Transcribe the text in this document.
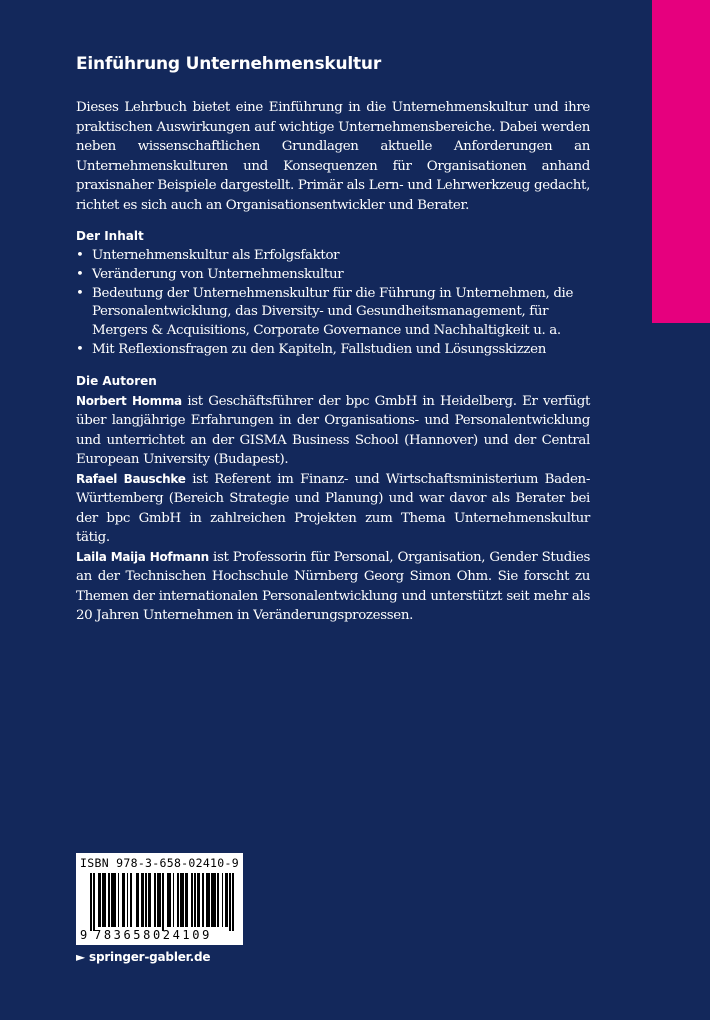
Einführung Unternehmenskultur

Dieses Lehrbuch bietet eine Einführung in die Unternehmenskultur und ihre praktischen Auswirkungen auf wichtige Unternehmensbereiche. Dabei werden neben wissenschaftlichen Grundlagen aktuelle Anforderungen an Unternehmenskulturen und Konsequenzen für Organisationen anhand praxisnaher Beispiele dargestellt. Primär als Lern- und Lehrwerkzeug gedacht, richtet es sich auch an Organisationsentwickler und Berater.

Der Inhalt
• Unternehmenskultur als Erfolgsfaktor
• Veränderung von Unternehmenskultur
• Bedeutung der Unternehmenskultur für die Führung in Unternehmen, die Personalentwicklung, das Diversity- und Gesundheitsmanagement, für Mergers & Acquisitions, Corporate Governance und Nachhaltigkeit u. a.
• Mit Reflexionsfragen zu den Kapiteln, Fallstudien und Lösungsskizzen
Die Autoren

Norbert Homma ist Geschäftsführer der bpc GmbH in Heidelberg. Er verfügt über langjährige Erfahrungen in der Organisations- und Personalentwicklung und unterrichtet an der GISMA Business School (Hannover) und der Central European University (Budapest).

Rafael Bauschke ist Referent im Finanz- und Wirtschaftsministerium Baden-Württemberg (Bereich Strategie und Planung) und war davor als Berater bei der bpc GmbH in zahlreichen Projekten zum Thema Unternehmenskultur tätig.

Laila Maija Hofmann ist Professorin für Personal, Organisation, Gender Studies an der Technischen Hochschule Nürnberg Georg Simon Ohm. Sie forscht zu Themen der internationalen Personalentwicklung und unterstützt seit mehr als 20 Jahren Unternehmen in Veränderungsprozessen.

ISBN 978-3-658-02410-9
9 783658024109
► springer-gabler.de
